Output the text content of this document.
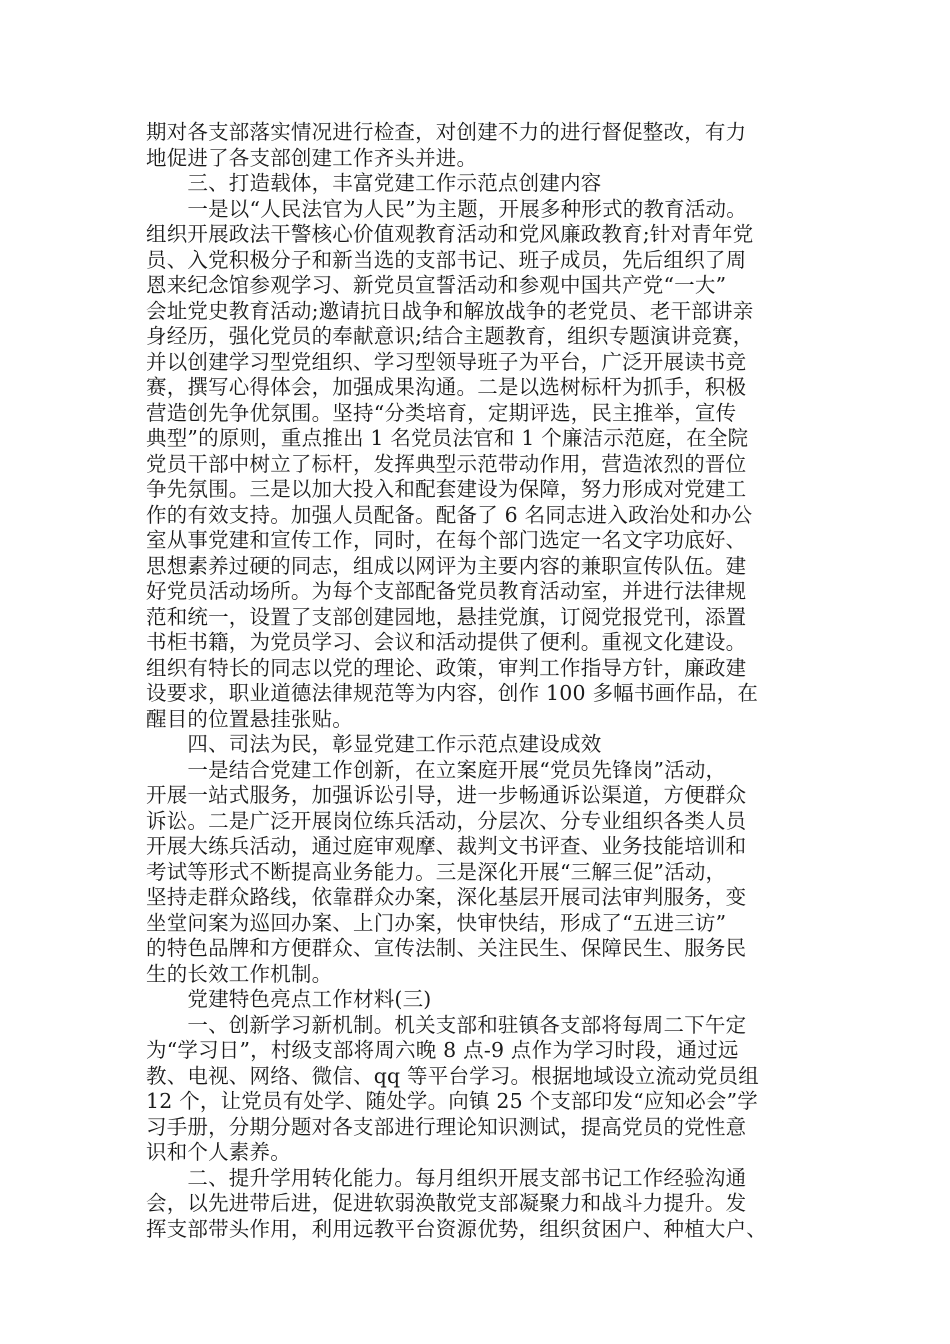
期对各支部落实情况进行检查，对创建不力的进行督促整改，有力
地促进了各支部创建工作齐头并进。
　　三、打造载体，丰富党建工作示范点创建内容
　　一是以“人民法官为人民”为主题，开展多种形式的教育活动。
组织开展政法干警核心价值观教育活动和党风廉政教育;针对青年党
员、入党积极分子和新当选的支部书记、班子成员，先后组织了周
恩来纪念馆参观学习、新党员宣誓活动和参观中国共产党“一大”
会址党史教育活动;邀请抗日战争和解放战争的老党员、老干部讲亲
身经历，强化党员的奉献意识;结合主题教育，组织专题演讲竞赛，
并以创建学习型党组织、学习型领导班子为平台，广泛开展读书竞
赛，撰写心得体会，加强成果沟通。二是以选树标杆为抓手，积极
营造创先争优氛围。坚持“分类培育，定期评选，民主推举，宣传
典型”的原则，重点推出 1 名党员法官和 1 个廉洁示范庭，在全院
党员干部中树立了标杆，发挥典型示范带动作用，营造浓烈的晋位
争先氛围。三是以加大投入和配套建设为保障，努力形成对党建工
作的有效支持。加强人员配备。配备了 6 名同志进入政治处和办公
室从事党建和宣传工作，同时，在每个部门选定一名文字功底好、
思想素养过硬的同志，组成以网评为主要内容的兼职宣传队伍。建
好党员活动场所。为每个支部配备党员教育活动室，并进行法律规
范和统一，设置了支部创建园地，悬挂党旗，订阅党报党刊，添置
书柜书籍，为党员学习、会议和活动提供了便利。重视文化建设。
组织有特长的同志以党的理论、政策，审判工作指导方针，廉政建
设要求，职业道德法律规范等为内容，创作 100 多幅书画作品，在
醒目的位置悬挂张贴。
　　四、司法为民，彰显党建工作示范点建设成效
　　一是结合党建工作创新，在立案庭开展“党员先锋岗”活动，
开展一站式服务，加强诉讼引导，进一步畅通诉讼渠道，方便群众
诉讼。二是广泛开展岗位练兵活动，分层次、分专业组织各类人员
开展大练兵活动，通过庭审观摩、裁判文书评查、业务技能培训和
考试等形式不断提高业务能力。三是深化开展“三解三促”活动，
坚持走群众路线，依靠群众办案，深化基层开展司法审判服务，变
坐堂问案为巡回办案、上门办案，快审快结，形成了“五进三访”
的特色品牌和方便群众、宣传法制、关注民生、保障民生、服务民
生的长效工作机制。
　　党建特色亮点工作材料(三)
　　一、创新学习新机制。机关支部和驻镇各支部将每周二下午定
为“学习日”，村级支部将周六晚 8 点-9 点作为学习时段，通过远
教、电视、网络、微信、qq 等平台学习。根据地域设立流动党员组
12 个，让党员有处学、随处学。向镇 25 个支部印发“应知必会”学
习手册，分期分题对各支部进行理论知识测试，提高党员的党性意
识和个人素养。
　　二、提升学用转化能力。每月组织开展支部书记工作经验沟通
会，以先进带后进，促进软弱涣散党支部凝聚力和战斗力提升。发
挥支部带头作用，利用远教平台资源优势，组织贫困户、种植大户、
